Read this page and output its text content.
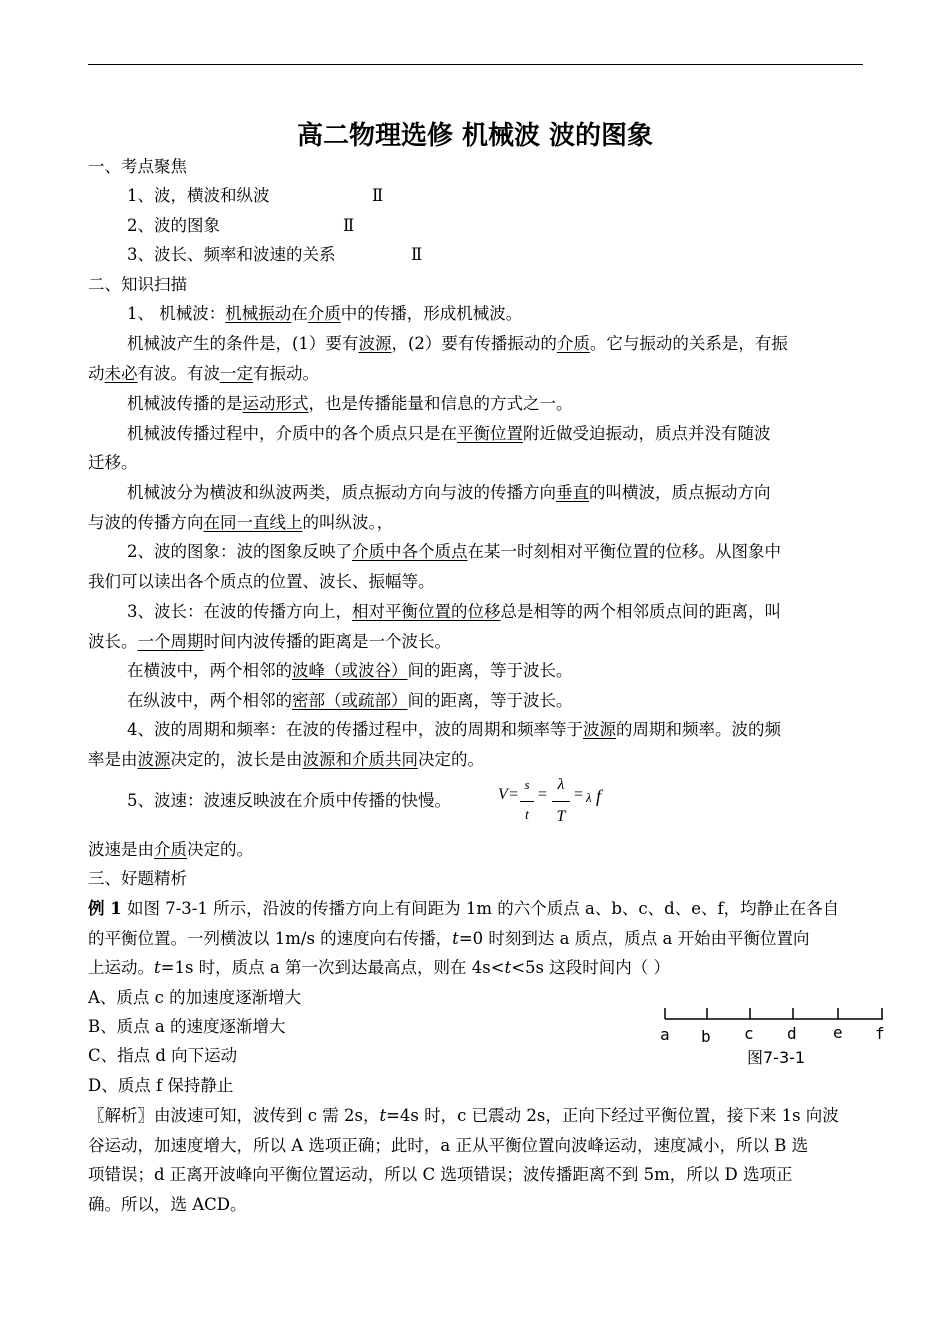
高二物理选修 机械波 波的图象
一、考点聚焦
1、波，横波和纵波	Ⅱ
2、波的图象	Ⅱ
3、波长、频率和波速的关系	Ⅱ
二、知识扫描
1、 机械波：机械振动在介质中的传播，形成机械波。
机械波产生的条件是，(1）要有波源，(2）要有传播振动的介质。它与振动的关系是，有振
动未必有波。有波一定有振动。
机械波传播的是运动形式，也是传播能量和信息的方式之一。
机械波传播过程中，介质中的各个质点只是在平衡位置附近做受迫振动，质点并没有随波
迁移。
机械波分为横波和纵波两类，质点振动方向与波的传播方向垂直的叫横波，质点振动方向
与波的传播方向在同一直线上的叫纵波。，
2、波的图象：波的图象反映了介质中各个质点在某一时刻相对平衡位置的位移。从图象中
我们可以读出各个质点的位置、波长、振幅等。
3、波长：在波的传播方向上，相对平衡位置的位移总是相等的两个相邻质点间的距离，叫
波长。一个周期时间内波传播的距离是一个波长。
在横波中，两个相邻的波峰（或波谷）间的距离，等于波长。
在纵波中，两个相邻的密部（或疏部）间的距离，等于波长。
4、波的周期和频率：在波的传播过程中，波的周期和频率等于波源的周期和频率。波的频
率是由波源决定的，波长是由波源和介质共同决定的。
5、波速：波速反映波在介质中传播的快慢。	V =
s
t
=
λ
T
= λ f
波速是由介质决定的。
三、好题精析
例 1 如图 7-3-1 所示，沿波的传播方向上有间距为 1m 的六个质点 a、b、c、d、e、f，均静止在各自
的平衡位置。一列横波以 1m/s 的速度向右传播，t=0 时刻到达 a 质点，质点 a 开始由平衡位置向
上运动。t=1s 时，质点 a 第一次到达最高点，则在 4s<t<5s 这段时间内（ ）
A、质点 c 的加速度逐渐增大
B、质点 a 的速度逐渐增大
C、指点 d 向下运动
D、质点 f 保持静止
a b c d e f
图7-3-1
〖解析〗由波速可知，波传到 c 需 2s，t=4s 时，c 已震动 2s，正向下经过平衡位置，接下来 1s 向波
谷运动，加速度增大，所以 A 选项正确；此时，a 正从平衡位置向波峰运动，速度减小，所以 B 选
项错误；d 正离开波峰向平衡位置运动，所以 C 选项错误；波传播距离不到 5m，所以 D 选项正
确。所以，选 ACD。
